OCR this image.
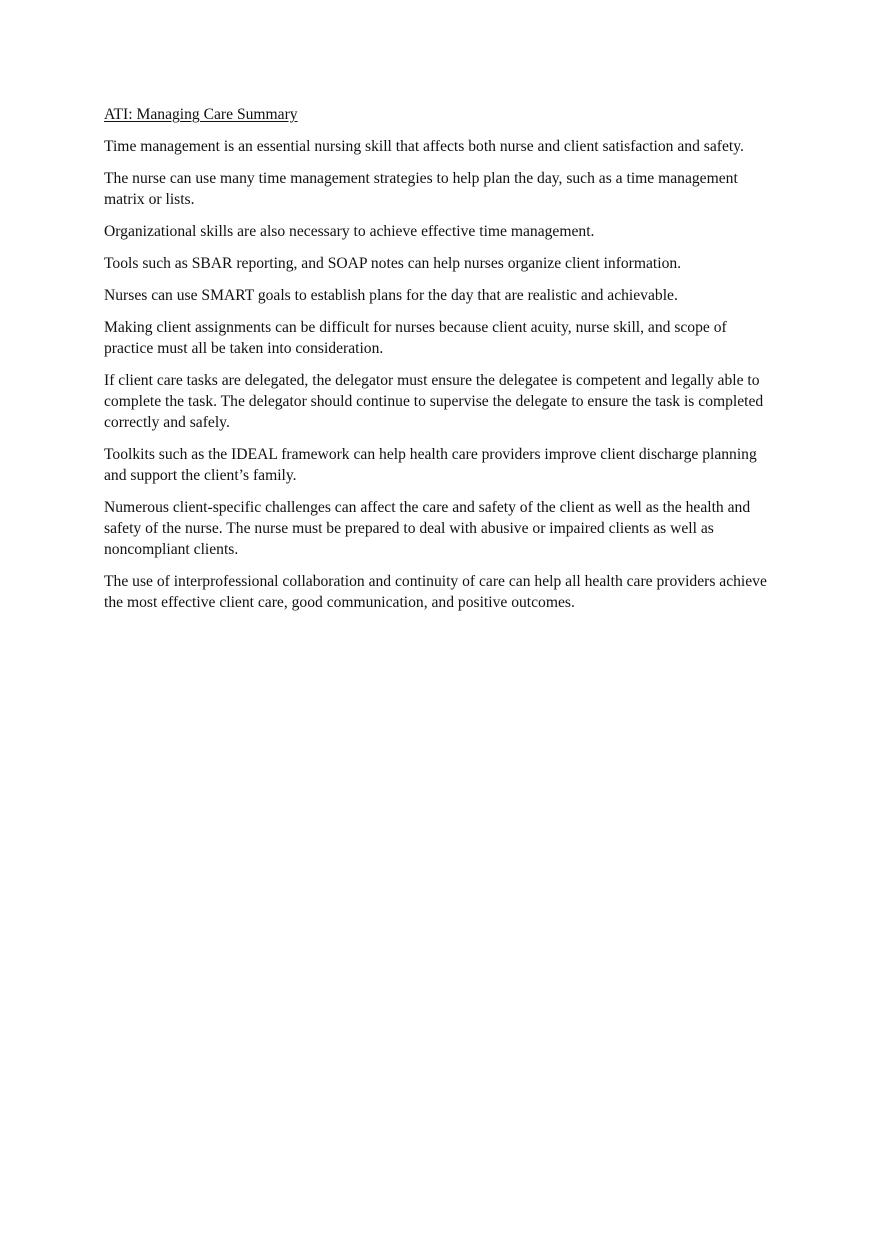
ATI: Managing Care Summary

Time management is an essential nursing skill that affects both nurse and client satisfaction and safety.

The nurse can use many time management strategies to help plan the day, such as a time management matrix or lists.

Organizational skills are also necessary to achieve effective time management.

Tools such as SBAR reporting, and SOAP notes can help nurses organize client information.

Nurses can use SMART goals to establish plans for the day that are realistic and achievable.

Making client assignments can be difficult for nurses because client acuity, nurse skill, and scope of practice must all be taken into consideration.

If client care tasks are delegated, the delegator must ensure the delegatee is competent and legally able to complete the task. The delegator should continue to supervise the delegate to ensure the task is completed correctly and safely.

Toolkits such as the IDEAL framework can help health care providers improve client discharge planning and support the client’s family.

Numerous client-specific challenges can affect the care and safety of the client as well as the health and safety of the nurse. The nurse must be prepared to deal with abusive or impaired clients as well as noncompliant clients.

The use of interprofessional collaboration and continuity of care can help all health care providers achieve the most effective client care, good communication, and positive outcomes.
